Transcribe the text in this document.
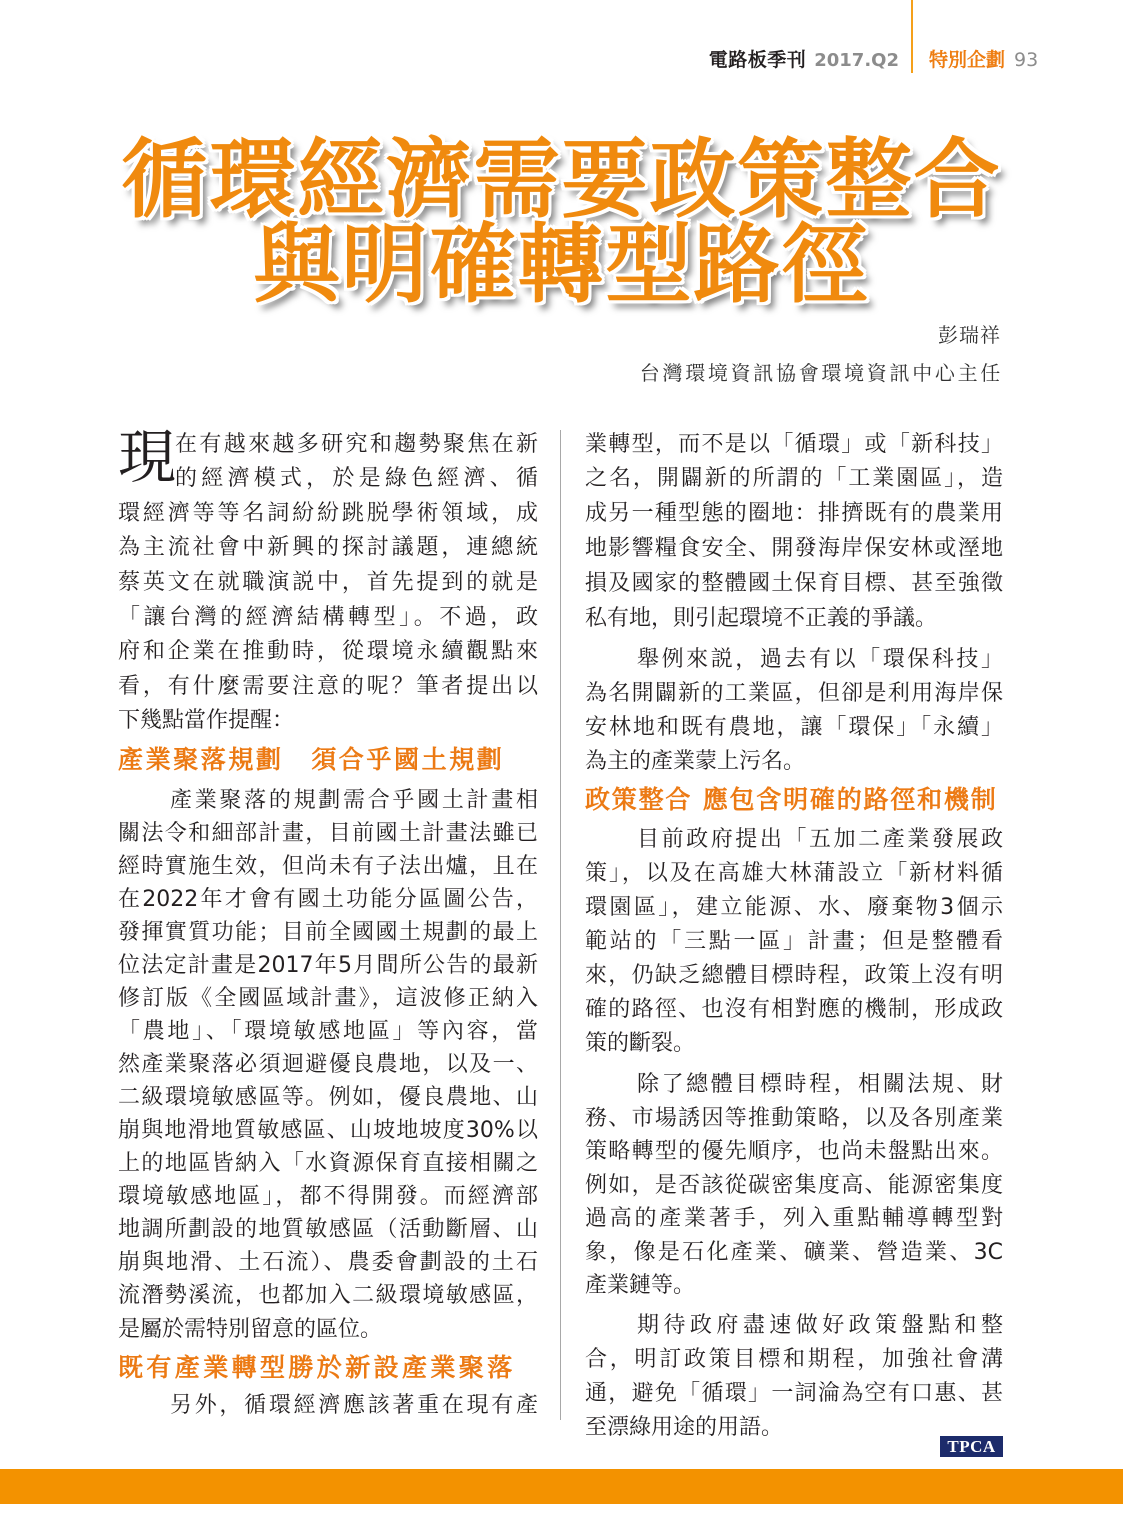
電路板季刊 2017.Q2 特別企劃 93
循環經濟需要政策整合
與明確轉型路徑
彭瑞祥
台灣環境資訊協會環境資訊中心主任
現
在有越來越多研究和趨勢聚焦在新
的經濟模式，於是綠色經濟、循
環經濟等等名詞紛紛跳脱學術領域，成
為主流社會中新興的探討議題，連總統
蔡英文在就職演説中，首先提到的就是
「讓台灣的經濟結構轉型」。不過，政
府和企業在推動時，從環境永續觀點來
看，有什麼需要注意的呢？筆者提出以
下幾點當作提醒：
產業聚落規劃　須合乎國土規劃
產業聚落的規劃需合乎國土計畫相
關法令和細部計畫，目前國土計畫法雖已
經時實施生效，但尚未有子法出爐，且在
在2022年才會有國土功能分區圖公告，
發揮實質功能；目前全國國土規劃的最上
位法定計畫是2017年5月間所公告的最新
修訂版《全國區域計畫》，這波修正納入
「農地」、「環境敏感地區」等內容，當
然產業聚落必須迴避優良農地，以及一、
二級環境敏感區等。例如，優良農地、山
崩與地滑地質敏感區、山坡地坡度30%以
上的地區皆納入「水資源保育直接相關之
環境敏感地區」，都不得開發。而經濟部
地調所劃設的地質敏感區（活動斷層、山
崩與地滑、土石流）、農委會劃設的土石
流潛勢溪流，也都加入二級環境敏感區，
是屬於需特別留意的區位。
既有產業轉型勝於新設產業聚落
另外，循環經濟應該著重在現有產
業轉型，而不是以「循環」或「新科技」
之名，開闢新的所謂的「工業園區」，造
成另一種型態的圈地：排擠既有的農業用
地影響糧食安全、開發海岸保安林或溼地
損及國家的整體國土保育目標、甚至強徵
私有地，則引起環境不正義的爭議。
舉例來説，過去有以「環保科技」
為名開闢新的工業區，但卻是利用海岸保
安林地和既有農地，讓「環保」「永續」
為主的產業蒙上污名。
政策整合 應包含明確的路徑和機制
目前政府提出「五加二產業發展政
策」，以及在高雄大林蒲設立「新材料循
環園區」，建立能源、水、廢棄物3個示
範站的「三點一區」計畫；但是整體看
來，仍缺乏總體目標時程，政策上沒有明
確的路徑、也沒有相對應的機制，形成政
策的斷裂。
除了總體目標時程，相關法規、財
務、市場誘因等推動策略，以及各別產業
策略轉型的優先順序，也尚未盤點出來。
例如，是否該從碳密集度高、能源密集度
過高的產業著手，列入重點輔導轉型對
象，像是石化產業、礦業、營造業、3C
產業鏈等。
期待政府盡速做好政策盤點和整
合，明訂政策目標和期程，加強社會溝
通，避免「循環」一詞淪為空有口惠、甚
至漂綠用途的用語。
TPCA
